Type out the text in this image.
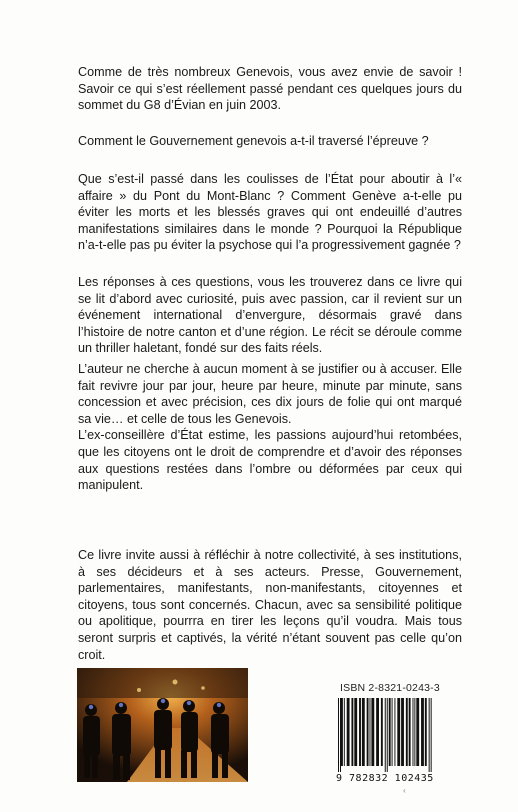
Comme de très nombreux Genevois, vous avez envie de savoir ! Savoir ce qui s’est réellement passé pendant ces quelques jours du sommet du G8 d’Évian en juin 2003.

Comment le Gouvernement genevois a-t-il traversé l’épreuve ?

Que s’est-il passé dans les coulisses de l’État pour aboutir à l’« affaire » du Pont du Mont-Blanc ? Comment Genève a-t-elle pu éviter les morts et les blessés graves qui ont endeuillé d’autres manifestations similaires dans le monde ? Pourquoi la République n’a-t-elle pas pu éviter la psychose qui l’a progressivement gagnée ?

Les réponses à ces questions, vous les trouverez dans ce livre qui se lit d’abord avec curiosité, puis avec passion, car il revient sur un événement international d’envergure, désormais gravé dans l’histoire de notre canton et d’une région. Le récit se déroule comme un thriller haletant, fondé sur des faits réels.

L’auteur ne cherche à aucun moment à se justifier ou à accuser. Elle fait revivre jour par jour, heure par heure, minute par minute, sans concession et avec précision, ces dix jours de folie qui ont marqué sa vie… et celle de tous les Genevois.

L’ex-conseillère d’État estime, les passions aujourd’hui retombées, que les citoyens ont le droit de comprendre et d’avoir des réponses aux questions restées dans l’ombre ou déformées par ceux qui manipulent.

Ce livre invite aussi à réfléchir à notre collectivité, à ses institutions, à ses décideurs et à ses acteurs. Presse, Gouvernement, parlementaires, manifestants, non-manifestants, citoyennes et citoyens, tous sont concernés. Chacun, avec sa sensibilité politique ou apolitique, pourrra en tirer les leçons qu’il voudra. Mais tous seront surpris et captivés, la vérité n’étant souvent pas celle qu’on croit.

ISBN 2-8321-0243-3
9 782832 102435
‹
